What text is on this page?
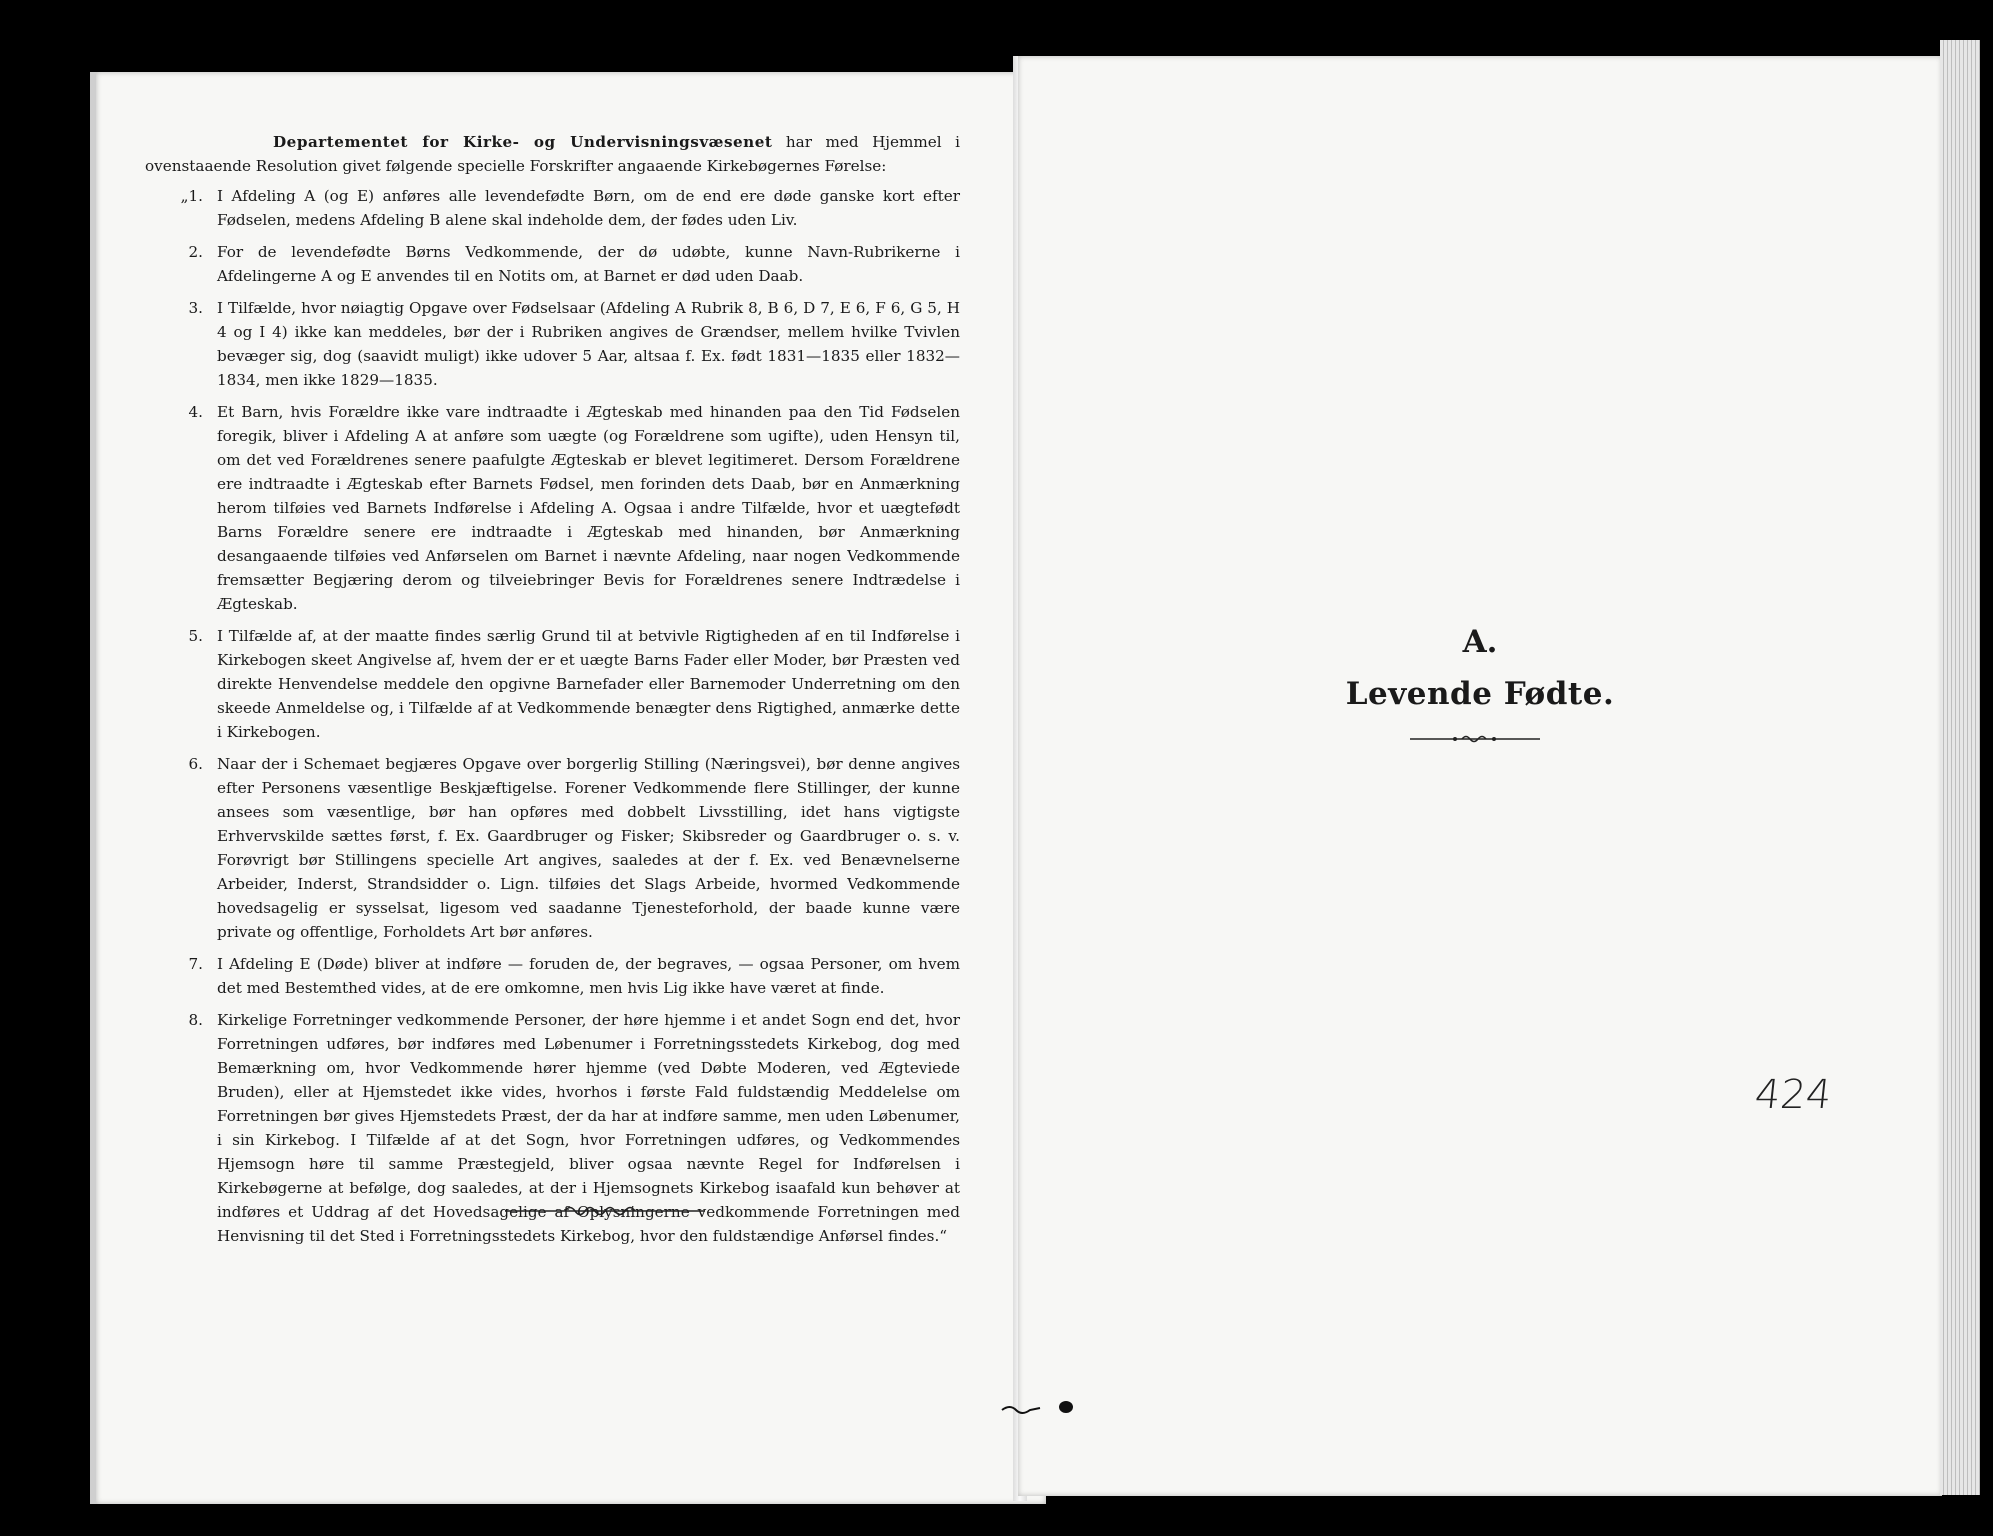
Departementet for Kirke- og Undervisningsvæsenet har med Hjemmel i ovenstaaende Resolution givet følgende specielle Forskrifter angaaende Kirkebøgernes Førelse:

„1. I Afdeling A (og E) anføres alle levendefødte Børn, om de end ere døde ganske kort efter Fødselen, medens Afdeling B alene skal indeholde dem, der fødes uden Liv.
2. For de levendefødte Børns Vedkommende, der dø udøbte, kunne Navn-Rubrikerne i Afdelingerne A og E anvendes til en Notits om, at Barnet er død uden Daab.
3. I Tilfælde, hvor nøiagtig Opgave over Fødselsaar (Afdeling A Rubrik 8, B 6, D 7, E 6, F 6, G 5, H 4 og I 4) ikke kan meddeles, bør der i Rubriken angives de Grændser, mellem hvilke Tvivlen bevæger sig, dog (saavidt muligt) ikke udover 5 Aar, altsaa f. Ex. født 1831—1835 eller 1832—1834, men ikke 1829—1835.
4. Et Barn, hvis Forældre ikke vare indtraadte i Ægteskab med hinanden paa den Tid Fødselen foregik, bliver i Afdeling A at anføre som uægte (og Forældrene som ugifte), uden Hensyn til, om det ved Forældrenes senere paafulgte Ægteskab er blevet legitimeret. Dersom Forældrene ere indtraadte i Ægteskab efter Barnets Fødsel, men forinden dets Daab, bør en Anmærkning herom tilføies ved Barnets Indførelse i Afdeling A. Ogsaa i andre Tilfælde, hvor et uægtefødt Barns Forældre senere ere indtraadte i Ægteskab med hinanden, bør Anmærkning desangaaende tilføies ved Anførselen om Barnet i nævnte Afdeling, naar nogen Vedkommende fremsætter Begjæring derom og tilveiebringer Bevis for Forældrenes senere Indtrædelse i Ægteskab.
5. I Tilfælde af, at der maatte findes særlig Grund til at betvivle Rigtigheden af en til Indførelse i Kirkebogen skeet Angivelse af, hvem der er et uægte Barns Fader eller Moder, bør Præsten ved direkte Henvendelse meddele den opgivne Barnefader eller Barnemoder Underretning om den skeede Anmeldelse og, i Tilfælde af at Vedkommende benægter dens Rigtighed, anmærke dette i Kirkebogen.
6. Naar der i Schemaet begjæres Opgave over borgerlig Stilling (Næringsvei), bør denne angives efter Personens væsentlige Beskjæftigelse. Forener Vedkommende flere Stillinger, der kunne ansees som væsentlige, bør han opføres med dobbelt Livsstilling, idet hans vigtigste Erhvervskilde sættes først, f. Ex. Gaardbruger og Fisker; Skibsreder og Gaardbruger o. s. v. Forøvrigt bør Stillingens specielle Art angives, saaledes at der f. Ex. ved Benævnelserne Arbeider, Inderst, Strandsidder o. Lign. tilføies det Slags Arbeide, hvormed Vedkommende hovedsagelig er sysselsat, ligesom ved saadanne Tjenesteforhold, der baade kunne være private og offentlige, Forholdets Art bør anføres.
7. I Afdeling E (Døde) bliver at indføre — foruden de, der begraves, — ogsaa Personer, om hvem det med Bestemthed vides, at de ere omkomne, men hvis Lig ikke have været at finde.
8. Kirkelige Forretninger vedkommende Personer, der høre hjemme i et andet Sogn end det, hvor Forretningen udføres, bør indføres med Løbenumer i Forretningsstedets Kirkebog, dog med Bemærkning om, hvor Vedkommende hører hjemme (ved Døbte Moderen, ved Ægteviede Bruden), eller at Hjemstedet ikke vides, hvorhos i første Fald fuldstændig Meddelelse om Forretningen bør gives Hjemstedets Præst, der da har at indføre samme, men uden Løbenumer, i sin Kirkebog. I Tilfælde af at det Sogn, hvor Forretningen udføres, og Vedkommendes Hjemsogn høre til samme Præstegjeld, bliver ogsaa nævnte Regel for Indførelsen i Kirkebøgerne at befølge, dog saaledes, at der i Hjemsognets Kirkebog isaafald kun behøver at indføres et Uddrag af det Hovedsagelige af Oplysningerne vedkommende Forretningen med Henvisning til det Sted i Forretningsstedets Kirkebog, hvor den fuldstændige Anførsel findes.“
A.
Levende Fødte.
424
